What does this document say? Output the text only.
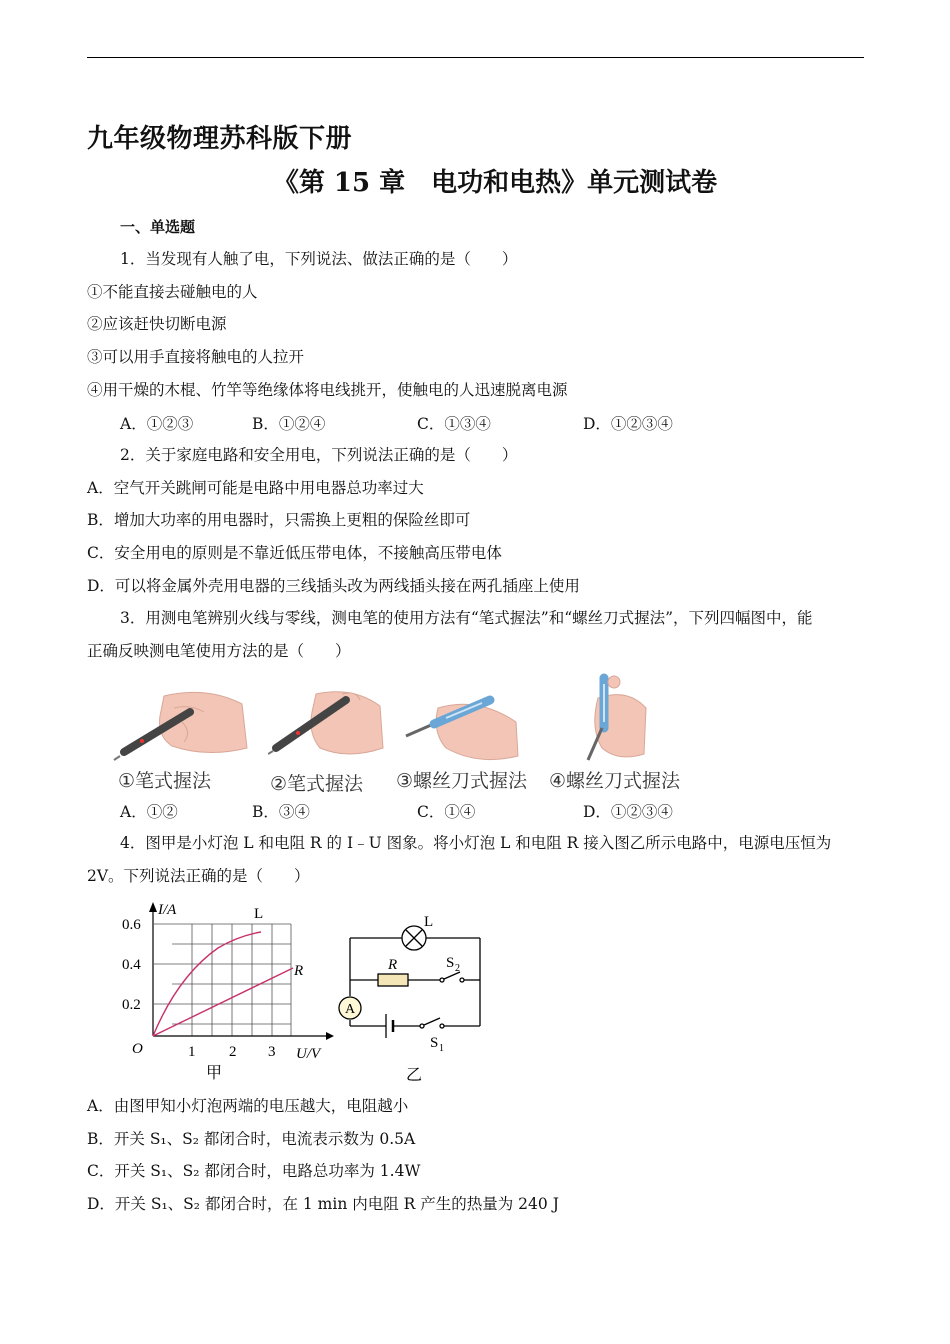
九年级物理苏科版下册
《第 15 章　电功和电热》单元测试卷
一、单选题
1．当发现有人触了电，下列说法、做法正确的是（　　）
①不能直接去碰触电的人
②应该赶快切断电源
③可以用手直接将触电的人拉开
④用干燥的木棍、竹竿等绝缘体将电线挑开，使触电的人迅速脱离电源
A．①②③	B．①②④	C．①③④	D．①②③④
2．关于家庭电路和安全用电，下列说法正确的是（　　）
A．空气开关跳闸可能是电路中用电器总功率过大
B．增加大功率的用电器时，只需换上更粗的保险丝即可
C．安全用电的原则是不靠近低压带电体，不接触高压带电体
D．可以将金属外壳用电器的三线插头改为两线插头接在两孔插座上使用
3．用测电笔辨别火线与零线，测电笔的使用方法有“笔式握法”和“螺丝刀式握法”，下列四幅图中，能
正确反映测电笔使用方法的是（　　）
①笔式握法	②笔式握法 ③螺丝刀式握法 ④螺丝刀式握法
A．①②	B．③④	C．①④	D．①②③④
4．图甲是小灯泡 L 和电阻 R 的 I﹣U 图象。将小灯泡 L 和电阻 R 接入图乙所示电路中，电源电压恒为
2V。下列说法正确的是（　　）
I/A
0.6
0.4
0.2
O	1 2 3 U/V
L
R
甲
L
R	S 2
S 1
A
乙
A．由图甲知小灯泡两端的电压越大，电阻越小
B．开关 S₁、S₂ 都闭合时，电流表示数为 0.5A
C．开关 S₁、S₂ 都闭合时，电路总功率为 1.4W
D．开关 S₁、S₂ 都闭合时，在 1 min 内电阻 R 产生的热量为 240 J
